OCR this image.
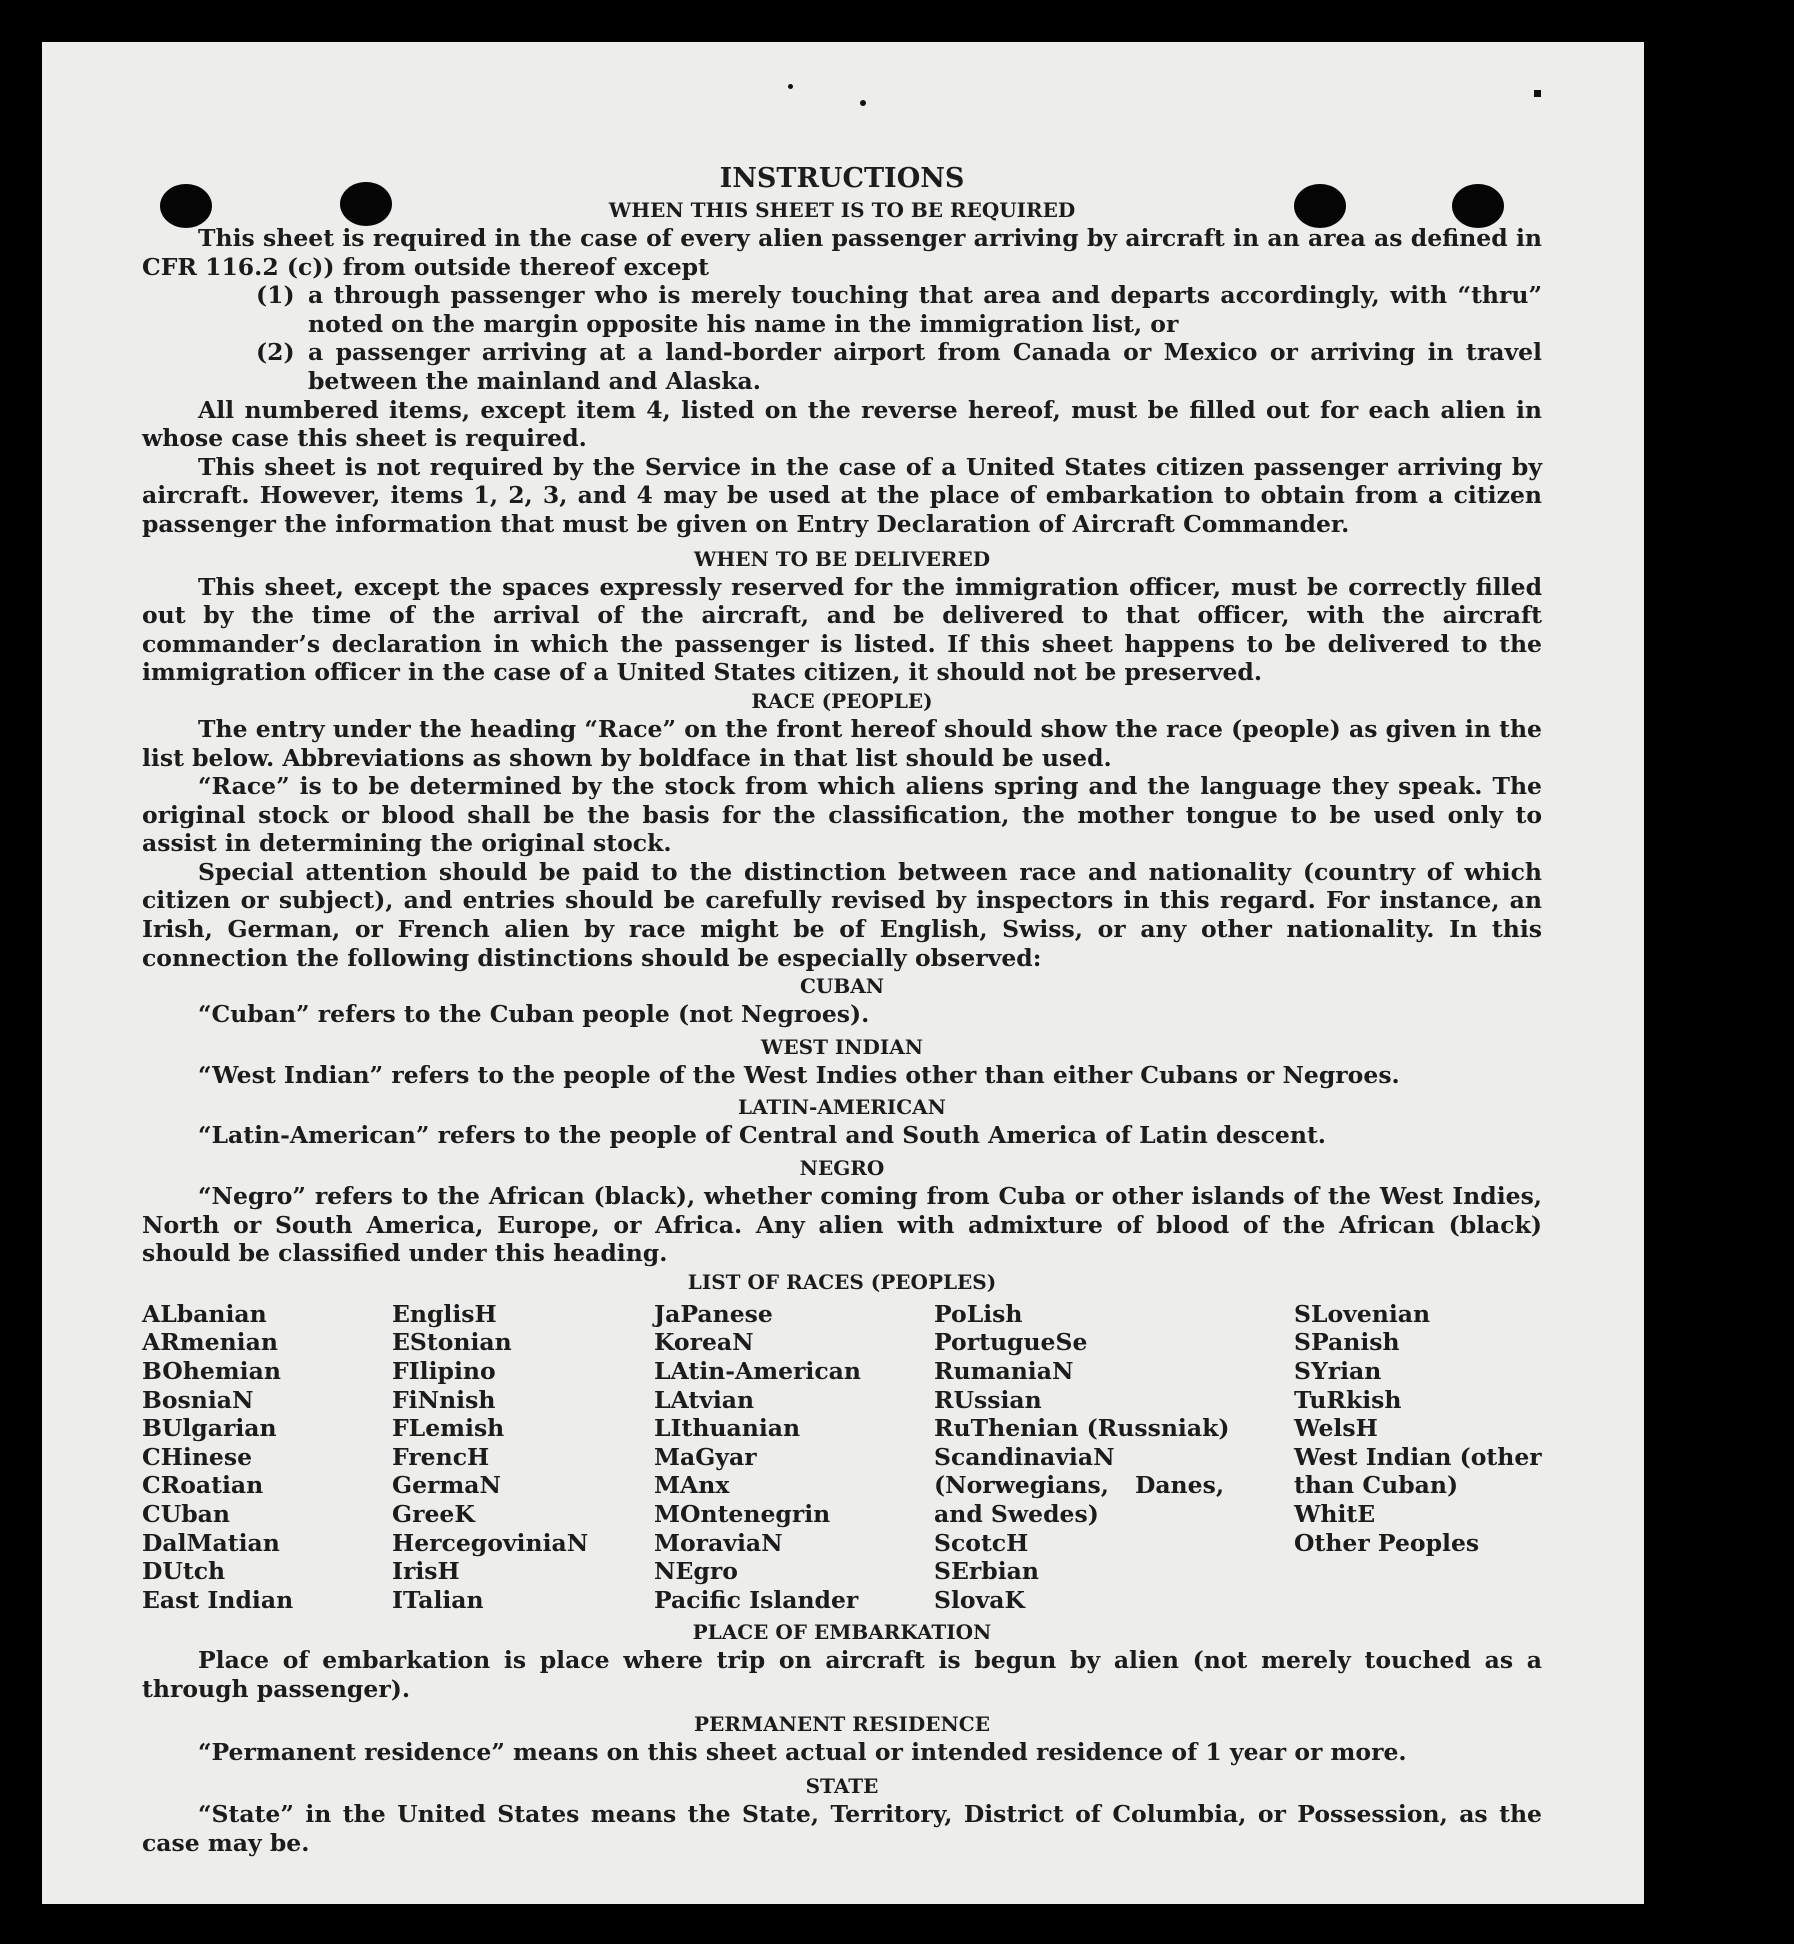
INSTRUCTIONS
WHEN THIS SHEET IS TO BE REQUIRED

This sheet is required in the case of every alien passenger arriving by aircraft in an area as defined in CFR 116.2 (c)) from outside thereof except

(1) a through passenger who is merely touching that area and departs accordingly, with “thru” noted on the margin opposite his name in the immigration list, or
(2) a passenger arriving at a land-border airport from Canada or Mexico or arriving in travel between the mainland and Alaska.

All numbered items, except item 4, listed on the reverse hereof, must be filled out for each alien in whose case this sheet is required.

This sheet is not required by the Service in the case of a United States citizen passenger arriving by aircraft. However, items 1, 2, 3, and 4 may be used at the place of embarkation to obtain from a citizen passenger the information that must be given on Entry Declaration of Aircraft Commander.

WHEN TO BE DELIVERED

This sheet, except the spaces expressly reserved for the immigration officer, must be correctly filled out by the time of the arrival of the aircraft, and be delivered to that officer, with the aircraft commander’s declaration in which the passenger is listed. If this sheet happens to be delivered to the immigration officer in the case of a United States citizen, it should not be preserved.

RACE (PEOPLE)

The entry under the heading “Race” on the front hereof should show the race (people) as given in the list below. Abbreviations as shown by boldface in that list should be used.

“Race” is to be determined by the stock from which aliens spring and the language they speak. The original stock or blood shall be the basis for the classification, the mother tongue to be used only to assist in determining the original stock.

Special attention should be paid to the distinction between race and nationality (country of which citizen or subject), and entries should be carefully revised by inspectors in this regard. For instance, an Irish, German, or French alien by race might be of English, Swiss, or any other nationality. In this connection the following distinctions should be especially observed:

CUBAN
“Cuban” refers to the Cuban people (not Negroes).
WEST INDIAN
“West Indian” refers to the people of the West Indies other than either Cubans or Negroes.
LATIN-AMERICAN
“Latin-American” refers to the people of Central and South America of Latin descent.
NEGRO

“Negro” refers to the African (black), whether coming from Cuba or other islands of the West Indies, North or South America, Europe, or Africa. Any alien with admixture of blood of the African (black) should be classified under this heading.

LIST OF RACES (PEOPLES)
ALbanian
ARmenian
BOhemian
BosniaN
BUlgarian
CHinese
CRoatian
CUban
DalMatian
DUtch
East Indian
EnglisH
EStonian
FIlipino
FiNnish
FLemish
FrencH
GermaN
GreeK
HercegoviniaN
IrisH
ITalian
JaPanese
KoreaN
LAtin-American
LAtvian
LIthuanian
MaGyar
MAnx
MOntenegrin
MoraviaN
NEgro
Pacific Islander
PoLish
PortugueSe
RumaniaN
RUssian
RuThenian (Russniak)
ScandinaviaN (Norwegians, Danes, and Swedes)
ScotcH
SErbian
SlovaK
SLovenian
SPanish
SYrian
TuRkish
WelsH
West Indian (other than Cuban)
WhitE
Other Peoples
PLACE OF EMBARKATION

Place of embarkation is place where trip on aircraft is begun by alien (not merely touched as a through passenger).

PERMANENT RESIDENCE
“Permanent residence” means on this sheet actual or intended residence of 1 year or more.
STATE

“State” in the United States means the State, Territory, District of Columbia, or Possession, as the case may be.
